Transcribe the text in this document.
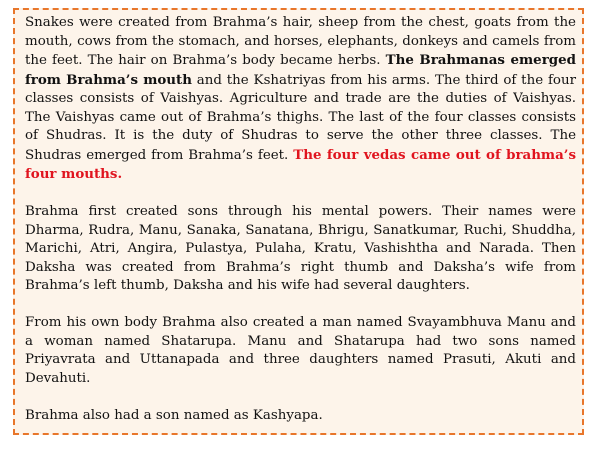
Snakes were created from Brahma’s hair, sheep from the chest, goats from the mouth, cows from the stomach, and horses, elephants, donkeys and camels from the feet. The hair on Brahma’s body became herbs. The Brahmanas emerged from Brahma’s mouth and the Kshatriyas from his arms. The third of the four classes consists of Vaishyas. Agriculture and trade are the duties of Vaishyas. The Vaishyas came out of Brahma’s thighs. The last of the four classes consists of Shudras. It is the duty of Shudras to serve the other three classes. The Shudras emerged from Brahma’s feet. The four vedas came out of brahma’s four mouths.

Brahma first created sons through his mental powers. Their names were Dharma, Rudra, Manu, Sanaka, Sanatana, Bhrigu, Sanatkumar, Ruchi, Shuddha, Marichi, Atri, Angira, Pulastya, Pulaha, Kratu, Vashishtha and Narada. Then Daksha was created from Brahma’s right thumb and Daksha’s wife from Brahma’s left thumb, Daksha and his wife had several daughters.

From his own body Brahma also created a man named Svayambhuva Manu and a woman named Shatarupa. Manu and Shatarupa had two sons named Priyavrata and Uttanapada and three daughters named Prasuti, Akuti and Devahuti.

Brahma also had a son named as Kashyapa.
